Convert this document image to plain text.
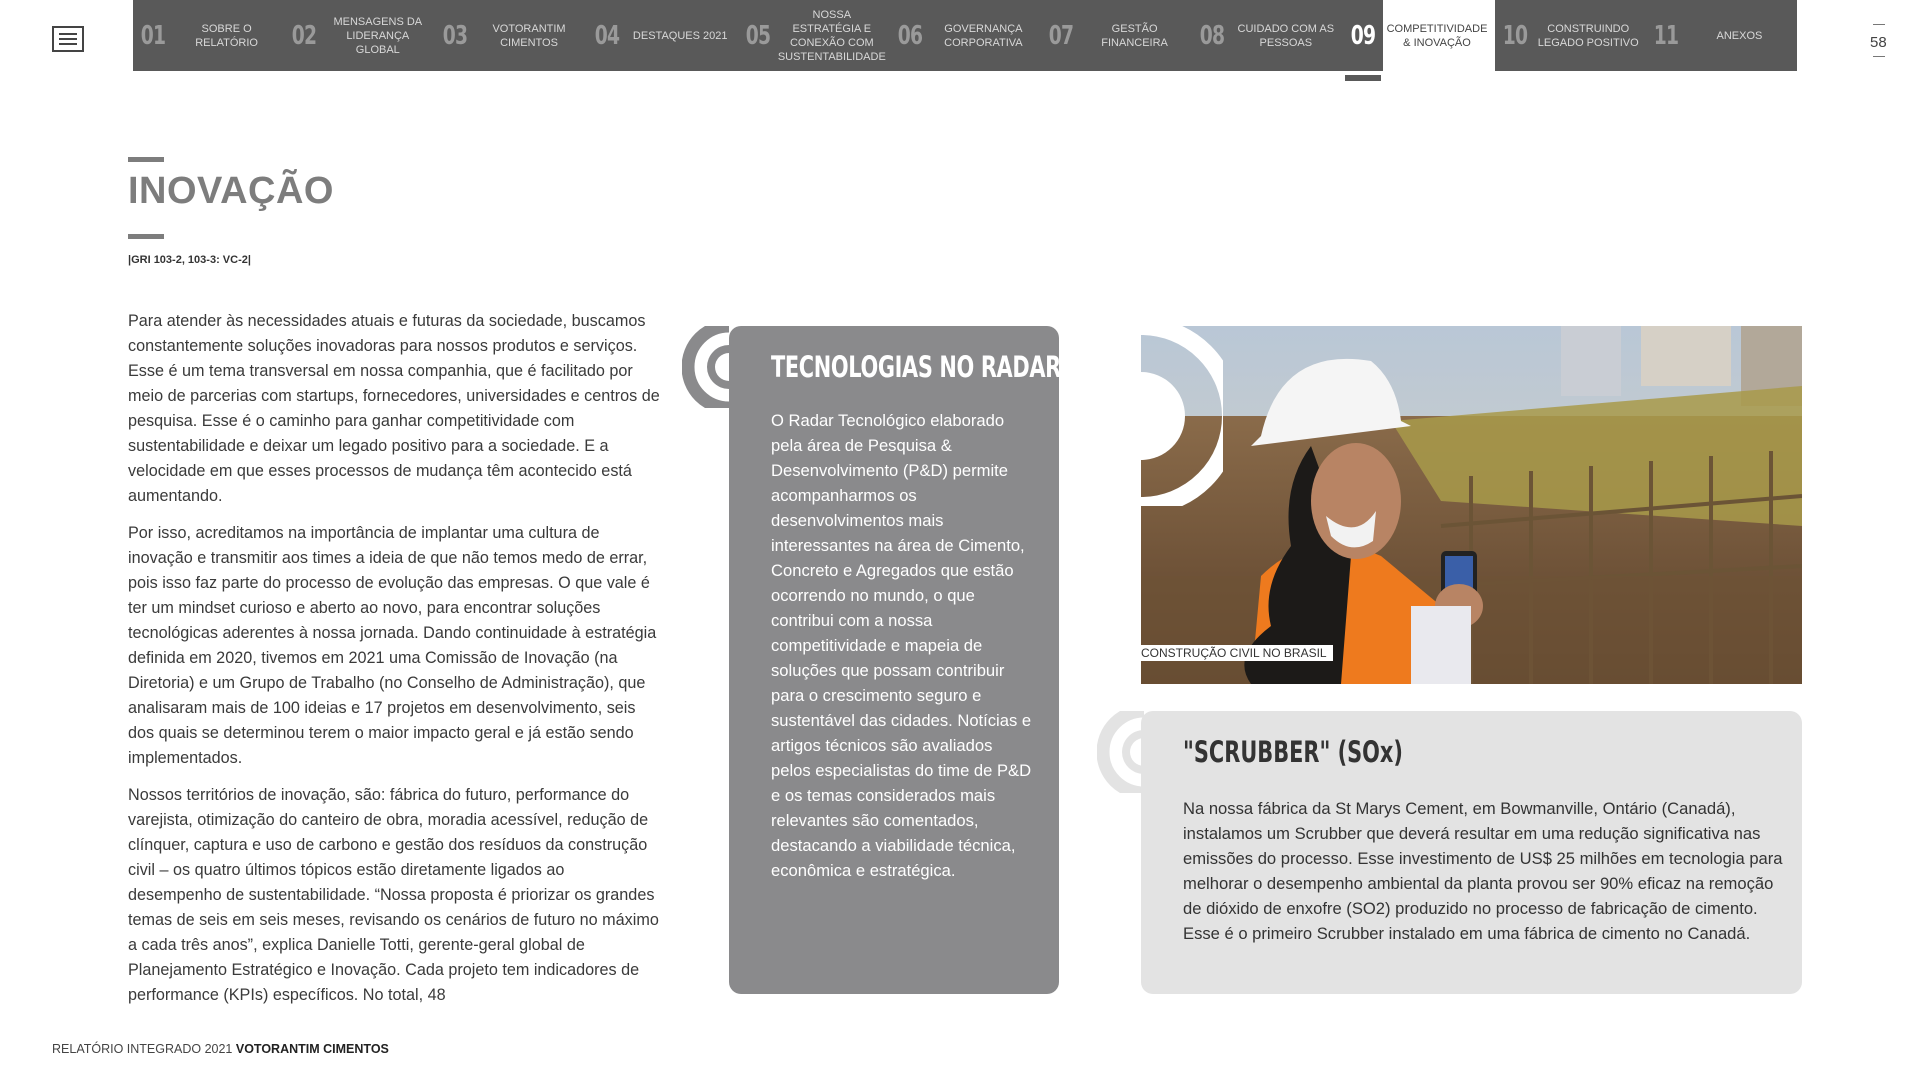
01	SOBRE O RELATÓRIO	02	MENSAGENS DA LIDERANÇA GLOBAL	03	VOTORANTIM CIMENTOS	04	DESTAQUES 2021 05
NOSSA ESTRATÉGIA E CONEXÃO COM SUSTENTABILIDADE
06	GOVERNANÇA CORPORATIVA	07	GESTÃO FINANCEIRA	08	CUIDADO COM AS PESSOAS	09 COMPETITIVIDADE & INOVAÇÃO	10	CONSTRUINDO LEGADO POSITIVO 11	ANEXOS	58
INOVAÇÃO
|GRI 103-2, 103-3: VC-2|

Para atender às necessidades atuais e futuras da sociedade, buscamos constantemente soluções inovadoras para nossos produtos e serviços. Esse é um tema transversal em nossa companhia, que é facilitado por meio de parcerias com startups, fornecedores, universidades e centros de pesquisa. Esse é o caminho para ganhar competitividade com sustentabilidade e deixar um legado positivo para a sociedade. E a velocidade em que esses processos de mudança têm acontecido está aumentando.

Por isso, acreditamos na importância de implantar uma cultura de inovação e transmitir aos times a ideia de que não temos medo de errar, pois isso faz parte do processo de evolução das empresas. O que vale é ter um mindset curioso e aberto ao novo, para encontrar soluções tecnológicas aderentes à nossa jornada. Dando continuidade à estratégia definida em 2020, tivemos em 2021 uma Comissão de Inovação (na Diretoria) e um Grupo de Trabalho (no Conselho de Administração), que analisaram mais de 100 ideias e 17 projetos em desenvolvimento, seis dos quais se determinou terem o maior impacto geral e já estão sendo implementados.

Nossos territórios de inovação, são: fábrica do futuro, performance do varejista, otimização do canteiro de obra, moradia acessível, redução de clínquer, captura e uso de carbono e gestão dos resíduos da construção civil – os quatro últimos tópicos estão diretamente ligados ao desempenho de sustentabilidade. “Nossa proposta é priorizar os grandes temas de seis em seis meses, revisando os cenários de futuro no máximo a cada três anos”, explica Danielle Totti, gerente-geral global de Planejamento Estratégico e Inovação. Cada projeto tem indicadores de performance (KPIs) específicos. No total, 48

TECNOLOGIAS NO RADAR
O Radar Tecnológico elaborado pela área de Pesquisa & Desenvolvimento (P&D) permite acompanharmos os desenvolvimentos mais interessantes na área de Cimento, Concreto e Agregados que estão ocorrendo no mundo, o que contribui com a nossa competitividade e mapeia de soluções que possam contribuir para o crescimento seguro e sustentável das cidades. Notícias e artigos técnicos são avaliados pelos especialistas do time de P&D e os temas considerados mais relevantes são comentados, destacando a viabilidade técnica, econômica e estratégica.
CONSTRUÇÃO CIVIL NO BRASIL
"SCRUBBER" (SOx)
Na nossa fábrica da St Marys Cement, em Bowmanville, Ontário (Canadá), instalamos um Scrubber que deverá resultar em uma redução significativa nas emissões do processo. Esse investimento de US$ 25 milhões em tecnologia para melhorar o desempenho ambiental da planta provou ser 90% eficaz na remoção de dióxido de enxofre (SO2) produzido no processo de fabricação de cimento. Esse é o primeiro Scrubber instalado em uma fábrica de cimento no Canadá.
RELATÓRIO INTEGRADO 2021 VOTORANTIM CIMENTOS
